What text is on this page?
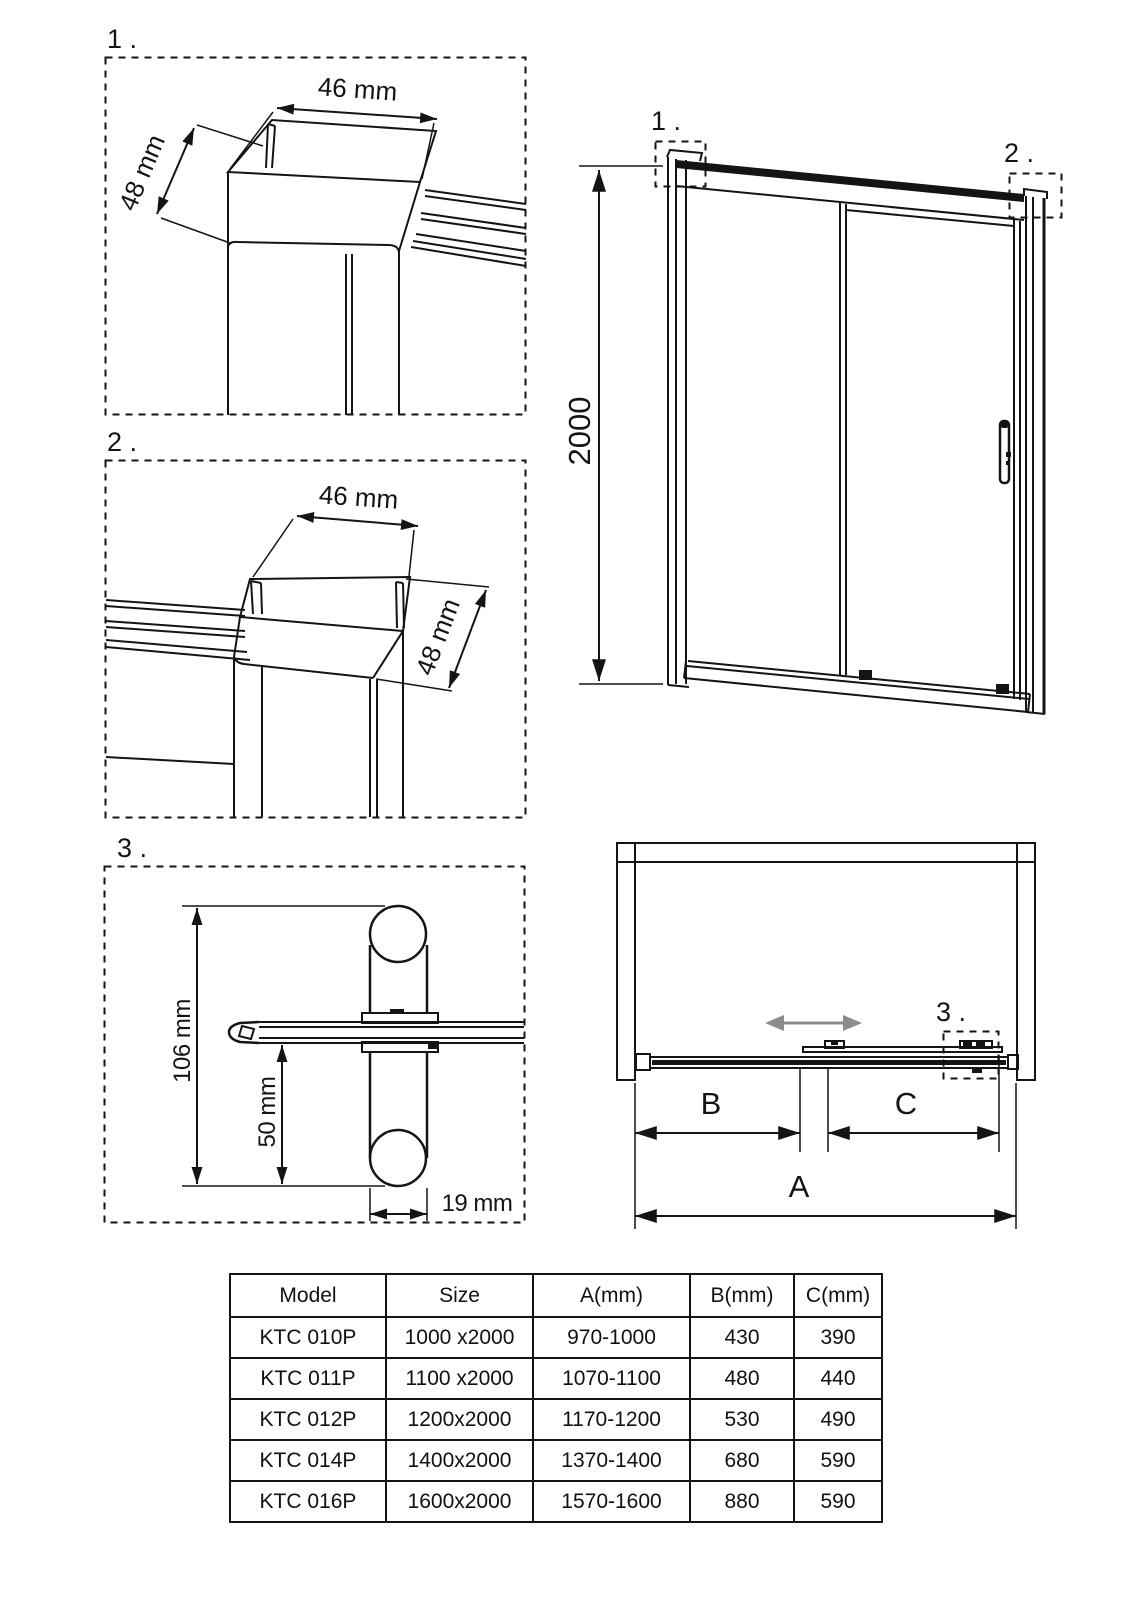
1 .
46 mm
48 mm
2 .
46 mm
48 mm
3 .
106 mm
50 mm
19 mm
1 .
2 .
2000
3 .
B	C
A
Model	Size	A(mm)	B(mm)	C(mm)
KTC 010P	1000 x2000	970-1000	430	390
KTC 011P	1100 x2000	1070-1100	480	440
KTC 012P	1200x2000	1170-1200	530	490
KTC 014P	1400x2000	1370-1400	680	590
KTC 016P	1600x2000	1570-1600	880	590
